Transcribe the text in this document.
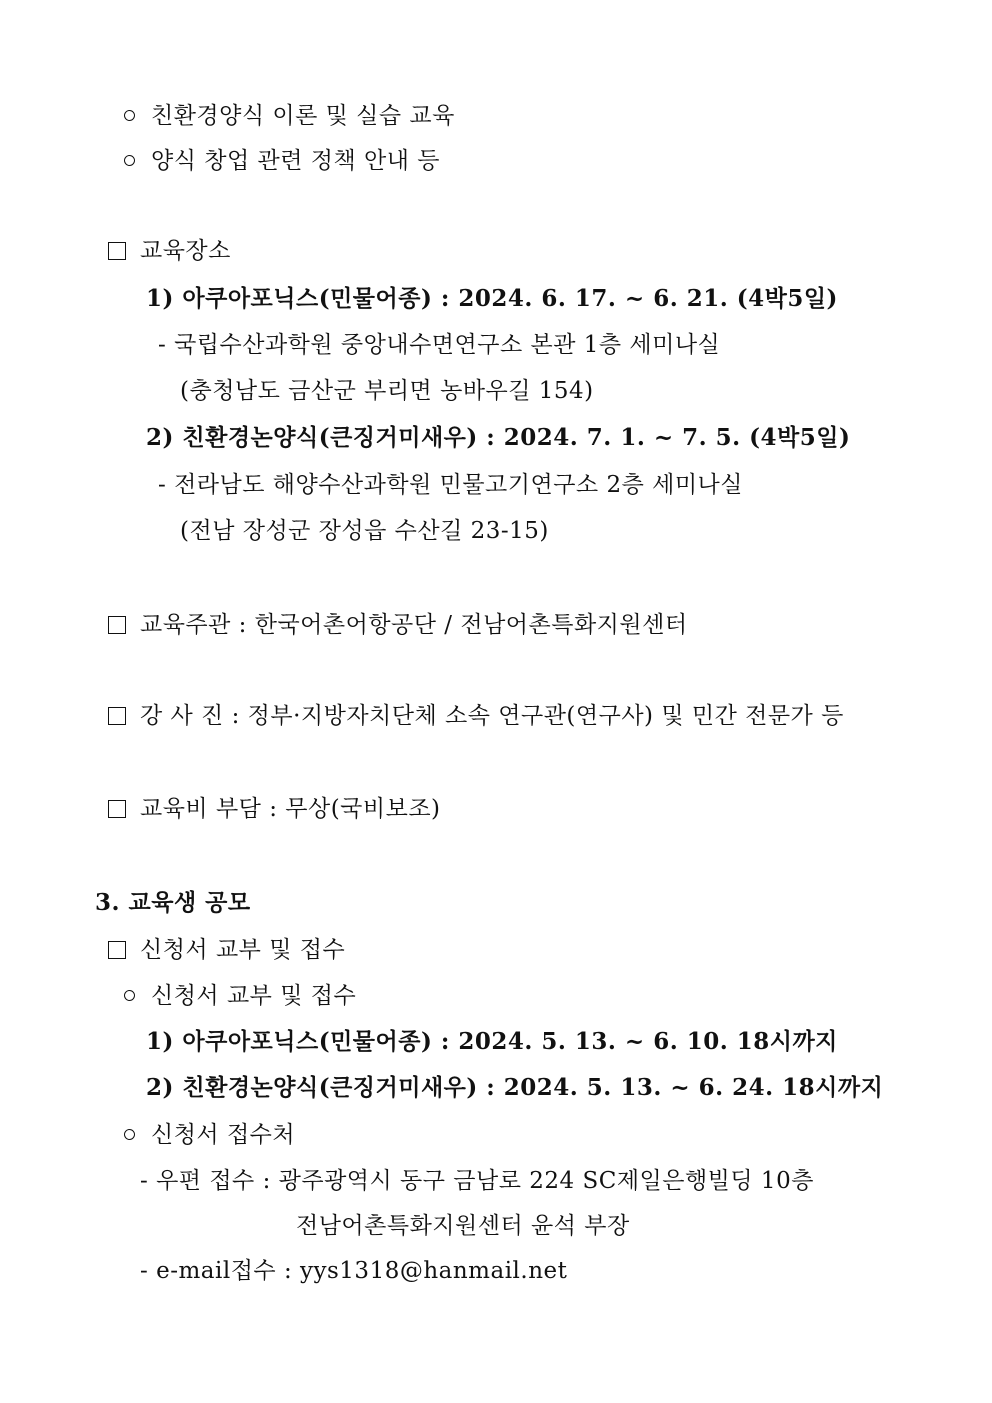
친환경양식 이론 및 실습 교육
양식 창업 관련 정책 안내 등
교육장소
1) 아쿠아포닉스(민물어종) : 2024. 6. 17. ~ 6. 21. (4박5일)
- 국립수산과학원 중앙내수면연구소 본관 1층 세미나실
(충청남도 금산군 부리면 농바우길 154)
2) 친환경논양식(큰징거미새우) : 2024. 7. 1. ~ 7. 5. (4박5일)
- 전라남도 해양수산과학원 민물고기연구소 2층 세미나실
(전남 장성군 장성읍 수산길 23-15)
교육주관 : 한국어촌어항공단 / 전남어촌특화지원센터
강 사 진 : 정부·지방자치단체 소속 연구관(연구사) 및 민간 전문가 등
교육비 부담 : 무상(국비보조)
3. 교육생 공모
신청서 교부 및 접수
신청서 교부 및 접수
1) 아쿠아포닉스(민물어종) : 2024. 5. 13. ~ 6. 10. 18시까지
2) 친환경논양식(큰징거미새우) : 2024. 5. 13. ~ 6. 24. 18시까지
신청서 접수처
- 우편 접수 : 광주광역시 동구 금남로 224 SC제일은행빌딩 10층
전남어촌특화지원센터 윤석 부장
- e-mail접수 : yys1318@hanmail.net
